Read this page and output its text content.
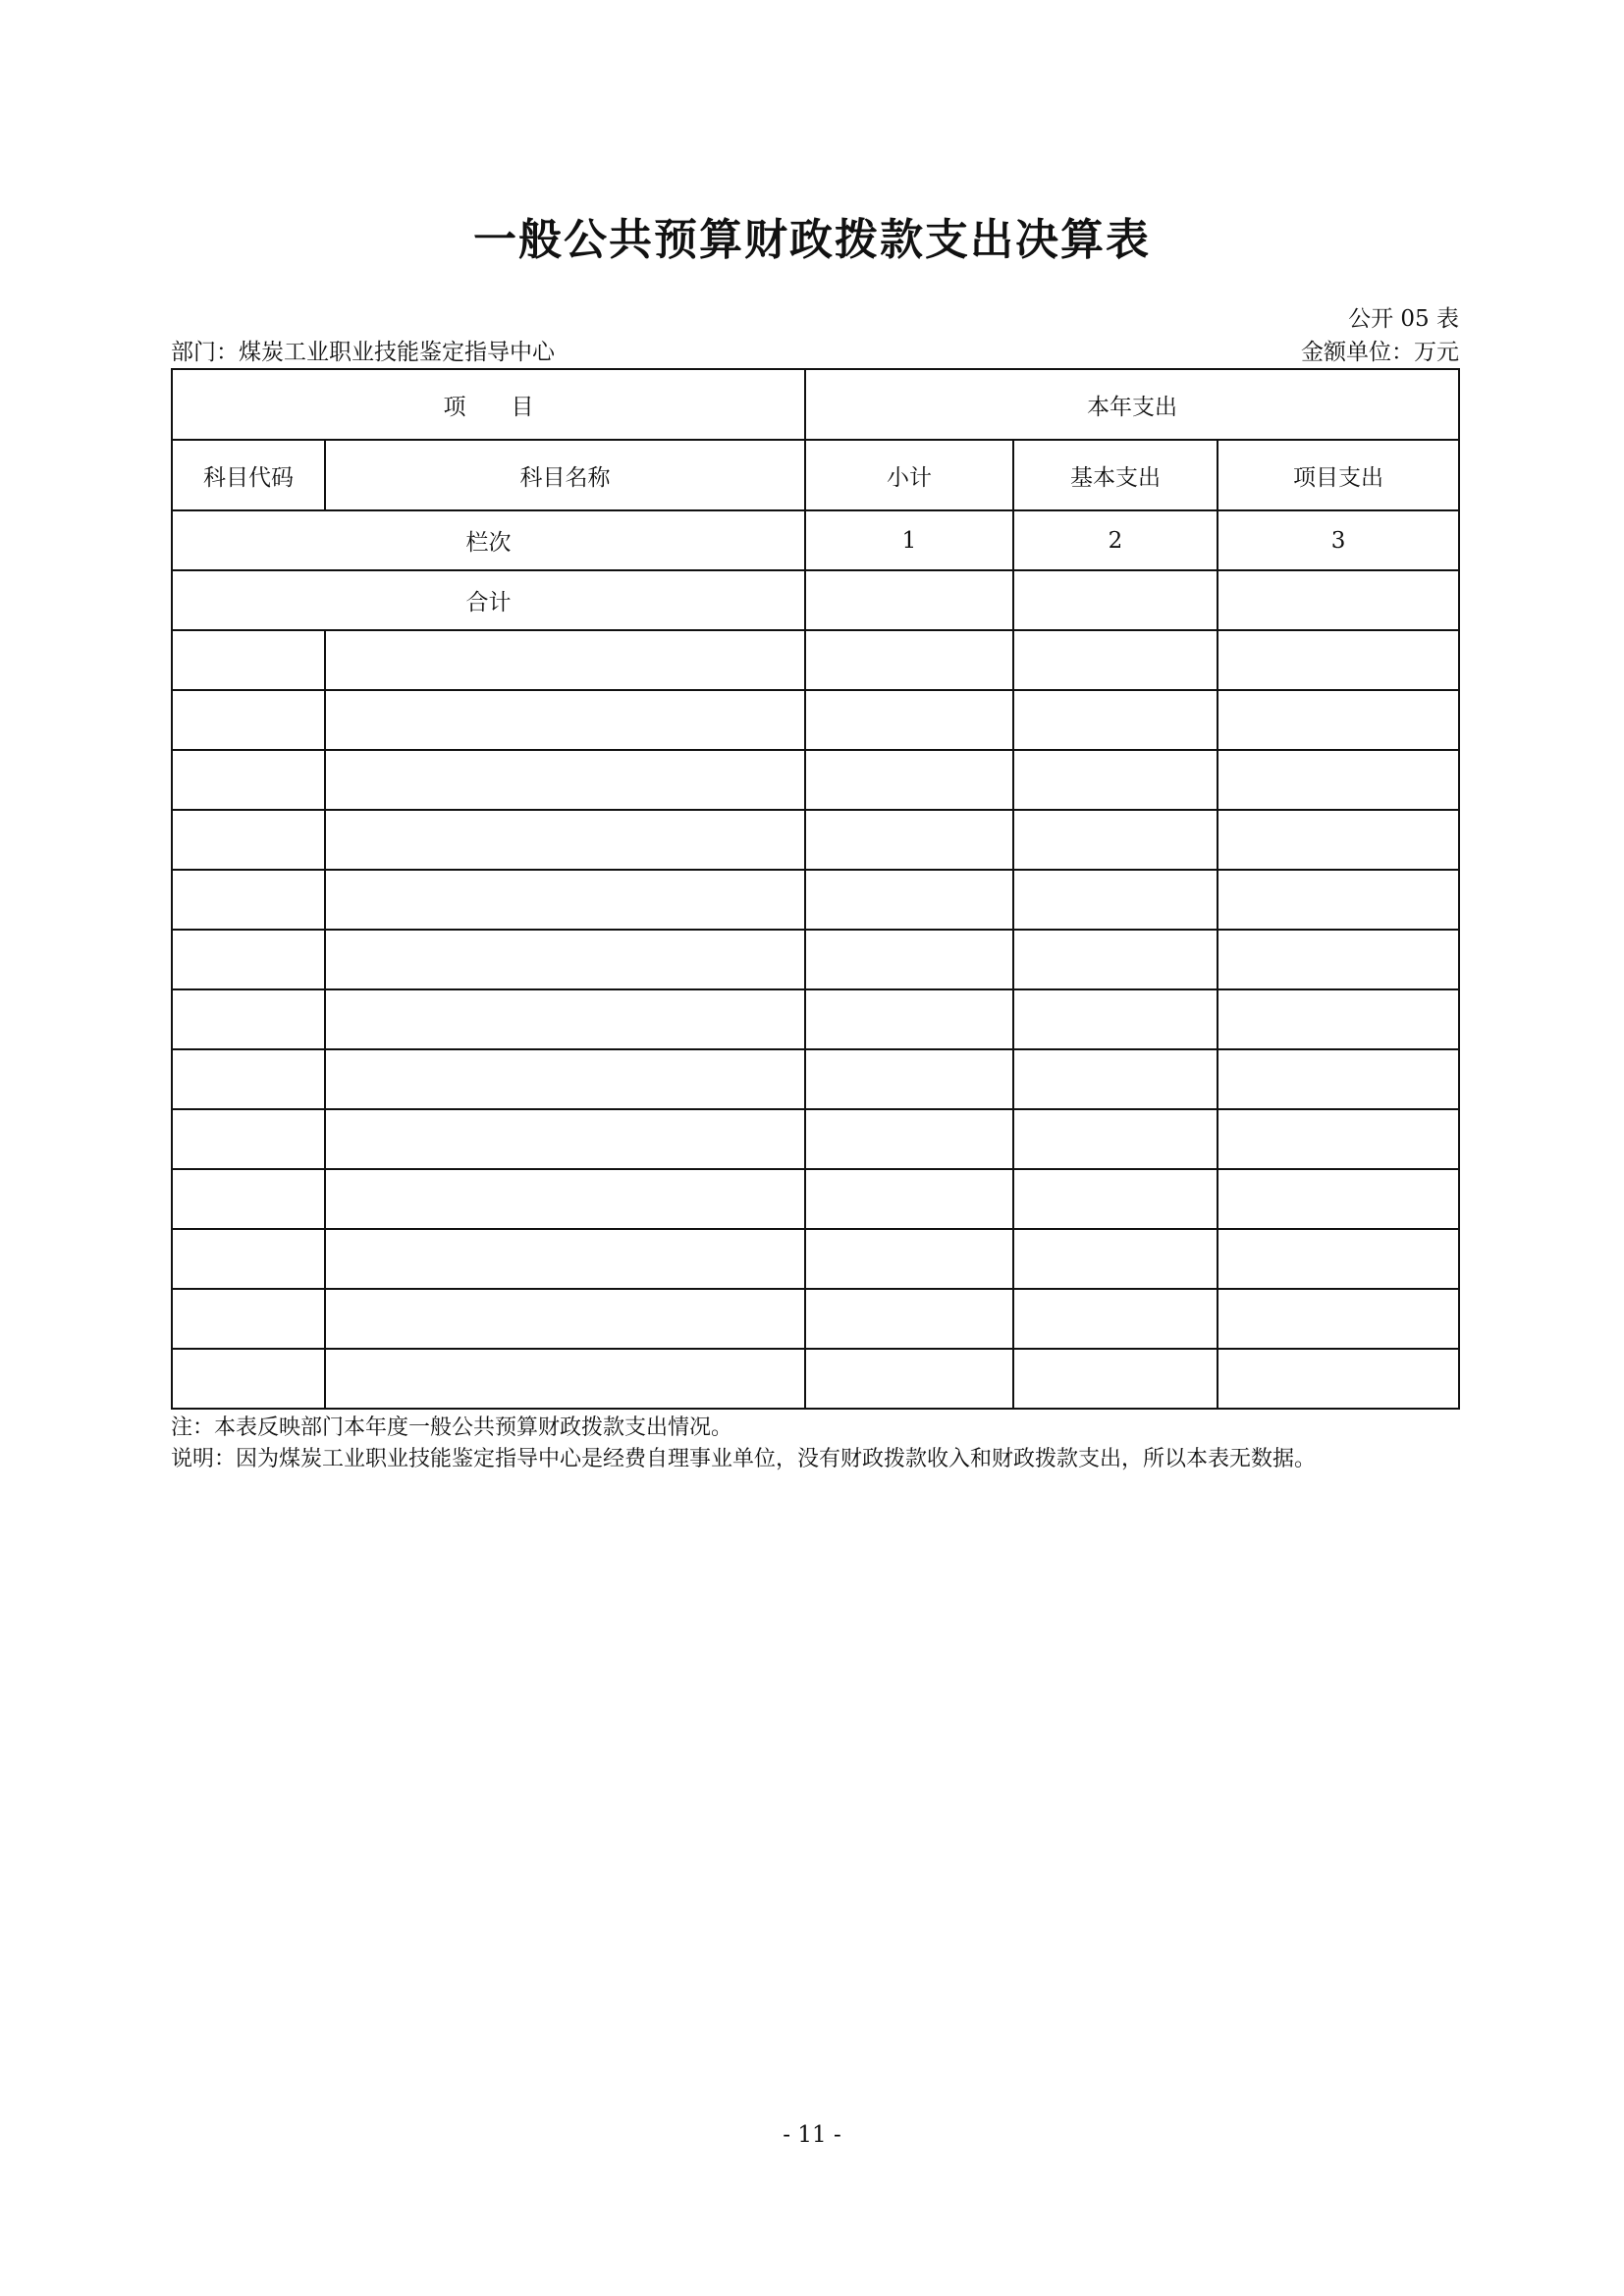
一般公共预算财政拨款支出决算表
公开 05 表
部门：煤炭工业职业技能鉴定指导中心	金额单位：万元
项　　目		本年支出		
科目代码	科目名称	小计	基本支出	项目支出
栏次		1	2	3
合计				

注：本表反映部门本年度一般公共预算财政拨款支出情况。
说明：因为煤炭工业职业技能鉴定指导中心是经费自理事业单位，没有财政拨款收入和财政拨款支出，所以本表无数据。
- 11 -
